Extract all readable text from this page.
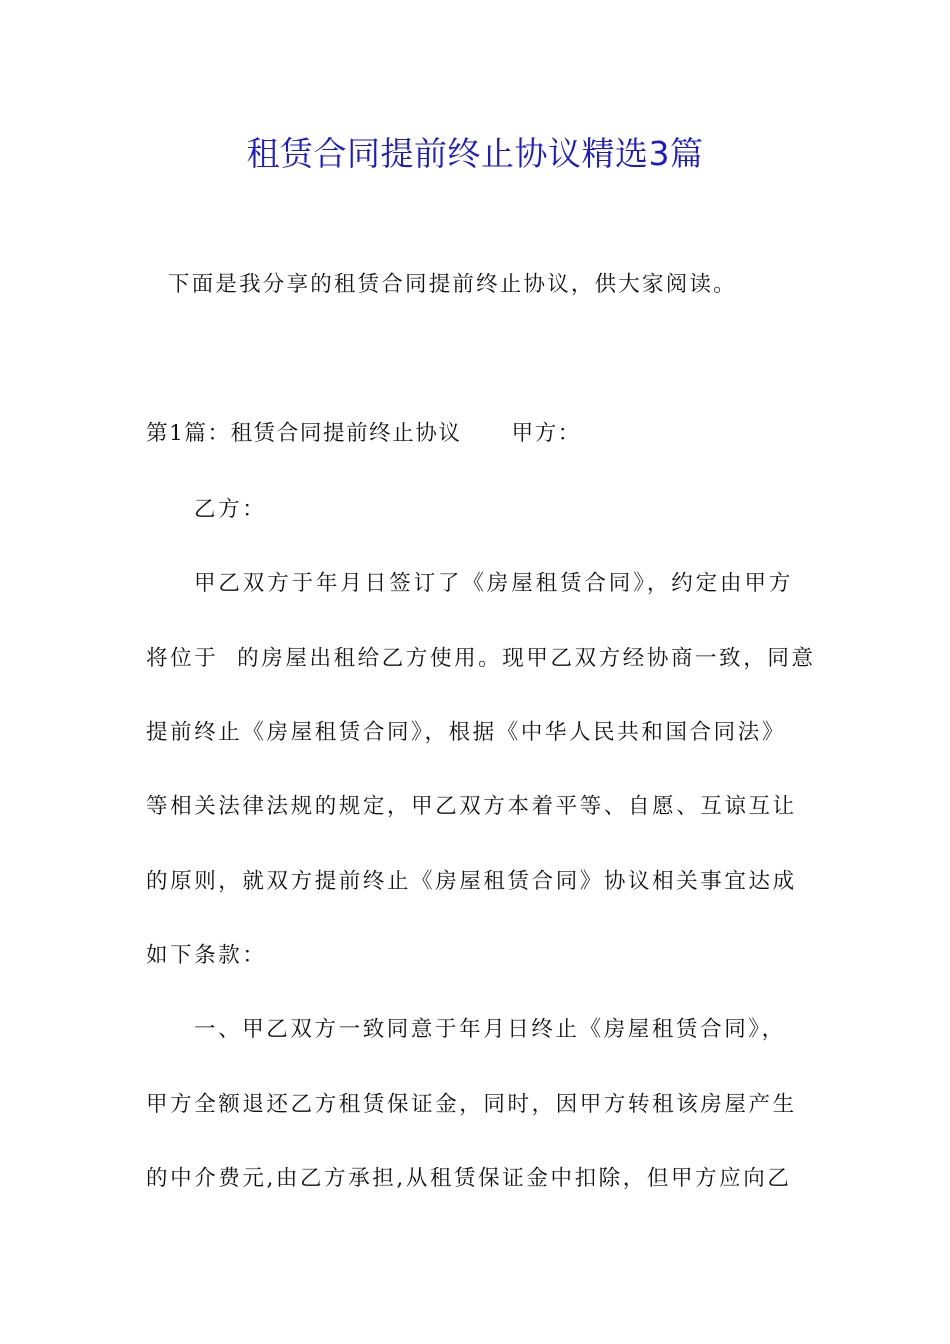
租赁合同提前终止协议精选3篇
下面是我分享的租赁合同提前终止协议，供大家阅读。
第1篇：租赁合同提前终止协议 甲方：
乙方：
甲乙双方于年月日签订了《房屋租赁合同》，约定由甲方
将位于  的房屋出租给乙方使用。现甲乙双方经协商一致，同意
提前终止《房屋租赁合同》，根据《中华人民共和国合同法》
等相关法律法规的规定，甲乙双方本着平等、自愿、互谅互让
的原则，就双方提前终止《房屋租赁合同》协议相关事宜达成
如下条款：
一、甲乙双方一致同意于年月日终止《房屋租赁合同》，
甲方全额退还乙方租赁保证金，同时，因甲方转租该房屋产生
的中介费元,由乙方承担,从租赁保证金中扣除，但甲方应向乙
